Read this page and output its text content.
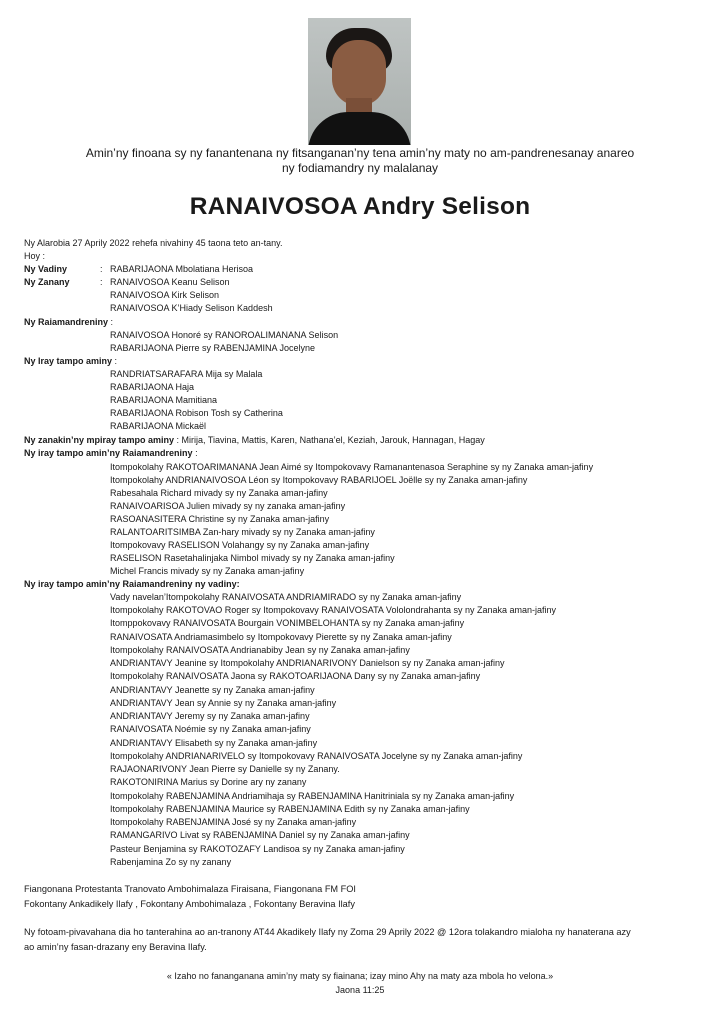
Amin’ny finoana sy ny fanantenana ny fitsanganan’ny tena amin’ny maty no am-pandrenesanay anareo
ny fodiamandry ny malalanay
RANAIVOSOA Andry Selison
Ny Alarobia 27 Aprily 2022 rehefa nivahiny 45 taona teto an-tany.
Hoy :
Ny Vadiny	: RABARIJAONA Mbolatiana Herisoa
Ny Zanany	: RANAIVOSOA Keanu Selison
RANAIVOSOA Kirk Selison
RANAIVOSOA K’Hiady Selison Kaddesh
Ny Raiamandreniny :
RANAIVOSOA Honoré sy RANOROALIMANANA Selison
RABARIJAONA Pierre sy RABENJAMINA Jocelyne
Ny Iray tampo aminy :
RANDRIATSARAFARA Mija sy Malala
RABARIJAONA Haja
RABARIJAONA Mamitiana
RABARIJAONA Robison Tosh sy Catherina
RABARIJAONA Mickaël
Ny zanakin’ny mpiray tampo aminy : Mirija, Tiavina, Mattis, Karen, Nathana’el, Keziah, Jarouk, Hannagan, Hagay
Ny iray tampo amin’ny Raiamandreniny :
Itompokolahy RAKOTOARIMANANA Jean Aimé sy Itompokovavy Ramanantenasoa Seraphine sy ny Zanaka aman-jafiny
Itompokolahy ANDRIANAIVOSOA Léon sy Itompokovavy RABARIJOEL Joëlle sy ny Zanaka aman-jafiny
Rabesahala Richard mivady sy ny Zanaka aman-jafiny
RANAIVOARISOA Julien mivady sy ny zanaka aman-jafiny
RASOANASITERA Christine sy ny Zanaka aman-jafiny
RALANTOARITSIMBA Zan-hary mivady sy ny Zanaka aman-jafiny
Itompokovavy RASELISON Volahangy sy ny Zanaka aman-jafiny
RASELISON Rasetahalinjaka Nimbol mivady sy ny Zanaka aman-jafiny
Michel Francis mivady sy ny Zanaka aman-jafiny
Ny iray tampo amin’ny Raiamandreniny ny vadiny:
Vady navelan’Itompokolahy RANAIVOSATA ANDRIAMIRADO sy ny Zanaka aman-jafiny
Itompokolahy RAKOTOVAO Roger sy Itompokovavy RANAIVOSATA Vololondrahanta sy ny Zanaka aman-jafiny
Itomppokovavy RANAIVOSATA Bourgain VONIMBELOHANTA sy ny Zanaka aman-jafiny
RANAIVOSATA Andriamasimbelo sy Itompokovavy Pierette sy ny Zanaka aman-jafiny
Itompokolahy RANAIVOSATA Andrianabiby Jean sy ny Zanaka aman-jafiny
ANDRIANTAVY Jeanine sy Itompokolahy ANDRIANARIVONY Danielson sy ny Zanaka aman-jafiny
Itompokolahy RANAIVOSATA Jaona sy RAKOTOARIJAONA Dany sy ny Zanaka aman-jafiny
ANDRIANTAVY Jeanette sy ny Zanaka aman-jafiny
ANDRIANTAVY Jean sy Annie sy ny Zanaka aman-jafiny
ANDRIANTAVY Jeremy sy ny Zanaka aman-jafiny
RANAIVOSATA Noémie sy ny Zanaka aman-jafiny
ANDRIANTAVY Elisabeth sy ny Zanaka aman-jafiny
Itompokolahy ANDRIANARIVELO sy Itompokovavy RANAIVOSATA Jocelyne sy ny Zanaka aman-jafiny
RAJAONARIVONY Jean Pierre sy Danielle sy ny Zanany.
RAKOTONIRINA Marius sy Dorine ary ny zanany
Itompokolahy RABENJAMINA Andriamihaja sy RABENJAMINA Hanitriniala sy ny Zanaka aman-jafiny
Itompokolahy RABENJAMINA Maurice sy RABENJAMINA Edith sy ny Zanaka aman-jafiny
Itompokolahy RABENJAMINA José sy ny Zanaka aman-jafiny
RAMANGARIVO Livat sy RABENJAMINA Daniel sy ny Zanaka aman-jafiny
Pasteur Benjamina sy RAKOTOZAFY Landisoa sy ny Zanaka aman-jafiny
Rabenjamina Zo sy ny zanany
Fiangonana Protestanta Tranovato Ambohimalaza Firaisana, Fiangonana FM FOI
Fokontany Ankadikely Ilafy , Fokontany Ambohimalaza , Fokontany Beravina Ilafy
Ny fotoam-pivavahana dia ho tanterahina ao an-tranony AT44 Akadikely Ilafy ny Zoma 29 Aprily 2022 @ 12ora tolakandro mialoha ny hanaterana azy
ao amin’ny fasan-drazany eny Beravina Ilafy.
« Izaho no fananganana amin’ny maty sy fiainana; izay mino Ahy na maty aza mbola ho velona.»
Jaona 11:25
